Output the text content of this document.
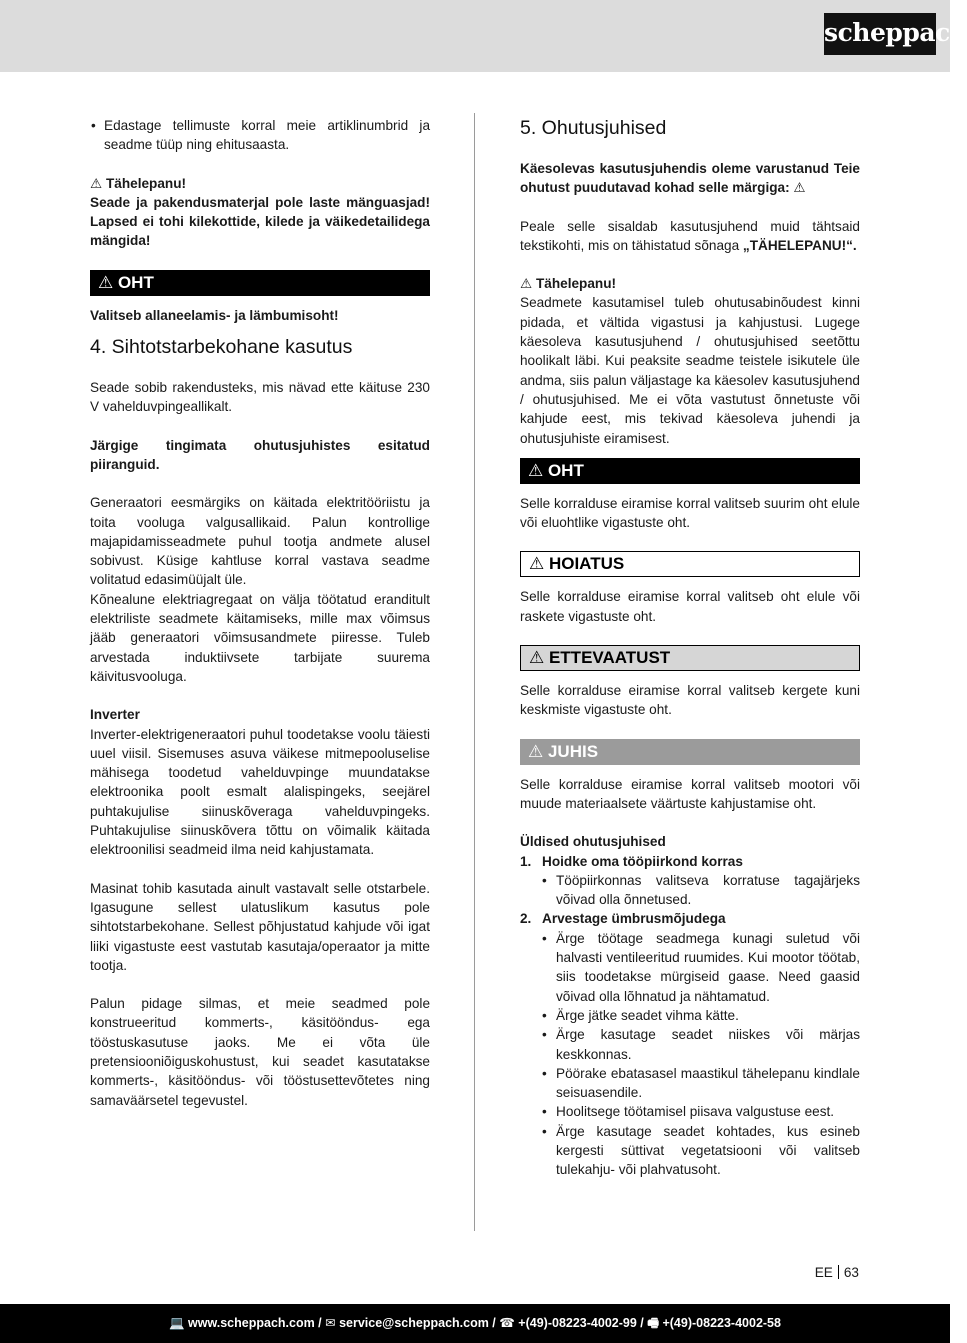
scheppach

• Edastage tellimuste korral meie artiklinumbrid ja seadme tüüp ning ehitusaasta.

⚠ Tähelepanu!

Seade ja pakendusmaterjal pole laste mänguasjad! Lapsed ei tohi kilekottide, kilede ja väikedetailidega mängida!

⚠ OHT

Valitseb allaneelamis- ja lämbumisoht!

4. Sihtotstarbekohane kasutus

Seade sobib rakendusteks, mis nävad ette käituse 230 V vahelduvpingeallikalt.

Järgige tingimata ohutusjuhistes esitatud piiranguid.

Generaatori eesmärgiks on käitada elektritööriistu ja toita vooluga valgusallikaid. Palun kontrollige majapidamisseadmete puhul tootja andmete alusel sobivust. Küsige kahtluse korral vastava seadme volitatud edasimüüjalt üle.

Kõnealune elektriagregaat on välja töötatud eranditult elektriliste seadmete käitamiseks, mille max võimsus jääb generaatori võimsusandmete piiresse. Tuleb arvestada induktiivsete tarbijate suurema käivitusvooluga.

Inverter

Inverter-elektrigeneraatori puhul toodetakse voolu täiesti uuel viisil. Sisemuses asuva väikese mitmepooluselise mähisega toodetud vahelduvpinge muundatakse elektroonika poolt esmalt alalispingeks, seejärel puhtakujulise siinuskõveraga vahelduvpingeks. Puhtakujulise siinuskõvera tõttu on võimalik käitada elektroonilisi seadmeid ilma neid kahjustamata.

Masinat tohib kasutada ainult vastavalt selle otstarbele. Igasugune sellest ulatuslikum kasutus pole sihtotstarbekohane. Sellest põhjustatud kahjude või igat liiki vigastuste eest vastutab kasutaja/operaator ja mitte tootja.

Palun pidage silmas, et meie seadmed pole konstrueeritud kommerts-, käsitööndus- ega tööstuskasutuse jaoks. Me ei võta üle pretensiooniõiguskohustust, kui seadet kasutatakse kommerts-, käsitööndus- või tööstusettevõtetes ning samaväärsetel tegevustel.

5. Ohutusjuhised

Käesolevas kasutusjuhendis oleme varustanud Teie ohutust puudutavad kohad selle märgiga: ⚠

Peale selle sisaldab kasutusjuhend muid tähtsaid tekstikohti, mis on tähistatud sõnaga „TÄHELEPANU!“.

⚠ Tähelepanu!

Seadmete kasutamisel tuleb ohutusabinõudest kinni pidada, et vältida vigastusi ja kahjustusi. Lugege käesoleva kasutusjuhend / ohutusjuhised seetõttu hoolikalt läbi. Kui peaksite seadme teistele isikutele üle andma, siis palun väljastage ka käesolev kasutusjuhend / ohutusjuhised. Me ei võta vastutust õnnetuste või kahjude eest, mis tekivad käesoleva juhendi ja ohutusjuhiste eiramisest.

⚠ OHT

Selle korralduse eiramise korral valitseb suurim oht elule või eluohtlike vigastuste oht.

⚠ HOIATUS

Selle korralduse eiramise korral valitseb oht elule või raskete vigastuste oht.

⚠ ETTEVAATUST

Selle korralduse eiramise korral valitseb kergete kuni keskmiste vigastuste oht.

⚠ JUHIS

Selle korralduse eiramise korral valitseb mootori või muude materiaalsete väärtuste kahjustamise oht.

Üldised ohutusjuhised

1. Hoidke oma tööpiirkond korras

• Tööpiirkonnas valitseva korratuse tagajärjeks võivad olla õnnetused.

2. Arvestage ümbrusmõjudega

• Ärge töötage seadmega kunagi suletud või halvasti ventileeritud ruumides. Kui mootor töötab, siis toodetakse mürgiseid gaase. Need gaasid võivad olla lõhnatud ja nähtamatud.

• Ärge jätke seadet vihma kätte.

• Ärge kasutage seadet niiskes või märjas keskkonnas.

• Pöörake ebatasasel maastikul tähelepanu kindlale seisuasendile.

• Hoolitsege töötamisel piisava valgustuse eest.

• Ärge kasutage seadet kohtades, kus esineb kergesti süttivat vegetatsiooni või valitseb tulekahju- või plahvatusoht.

EE 63
💻 www.scheppach.com / ✉ service@scheppach.com / ☎ +(49)-08223-4002-99 / 🖷 +(49)-08223-4002-58
